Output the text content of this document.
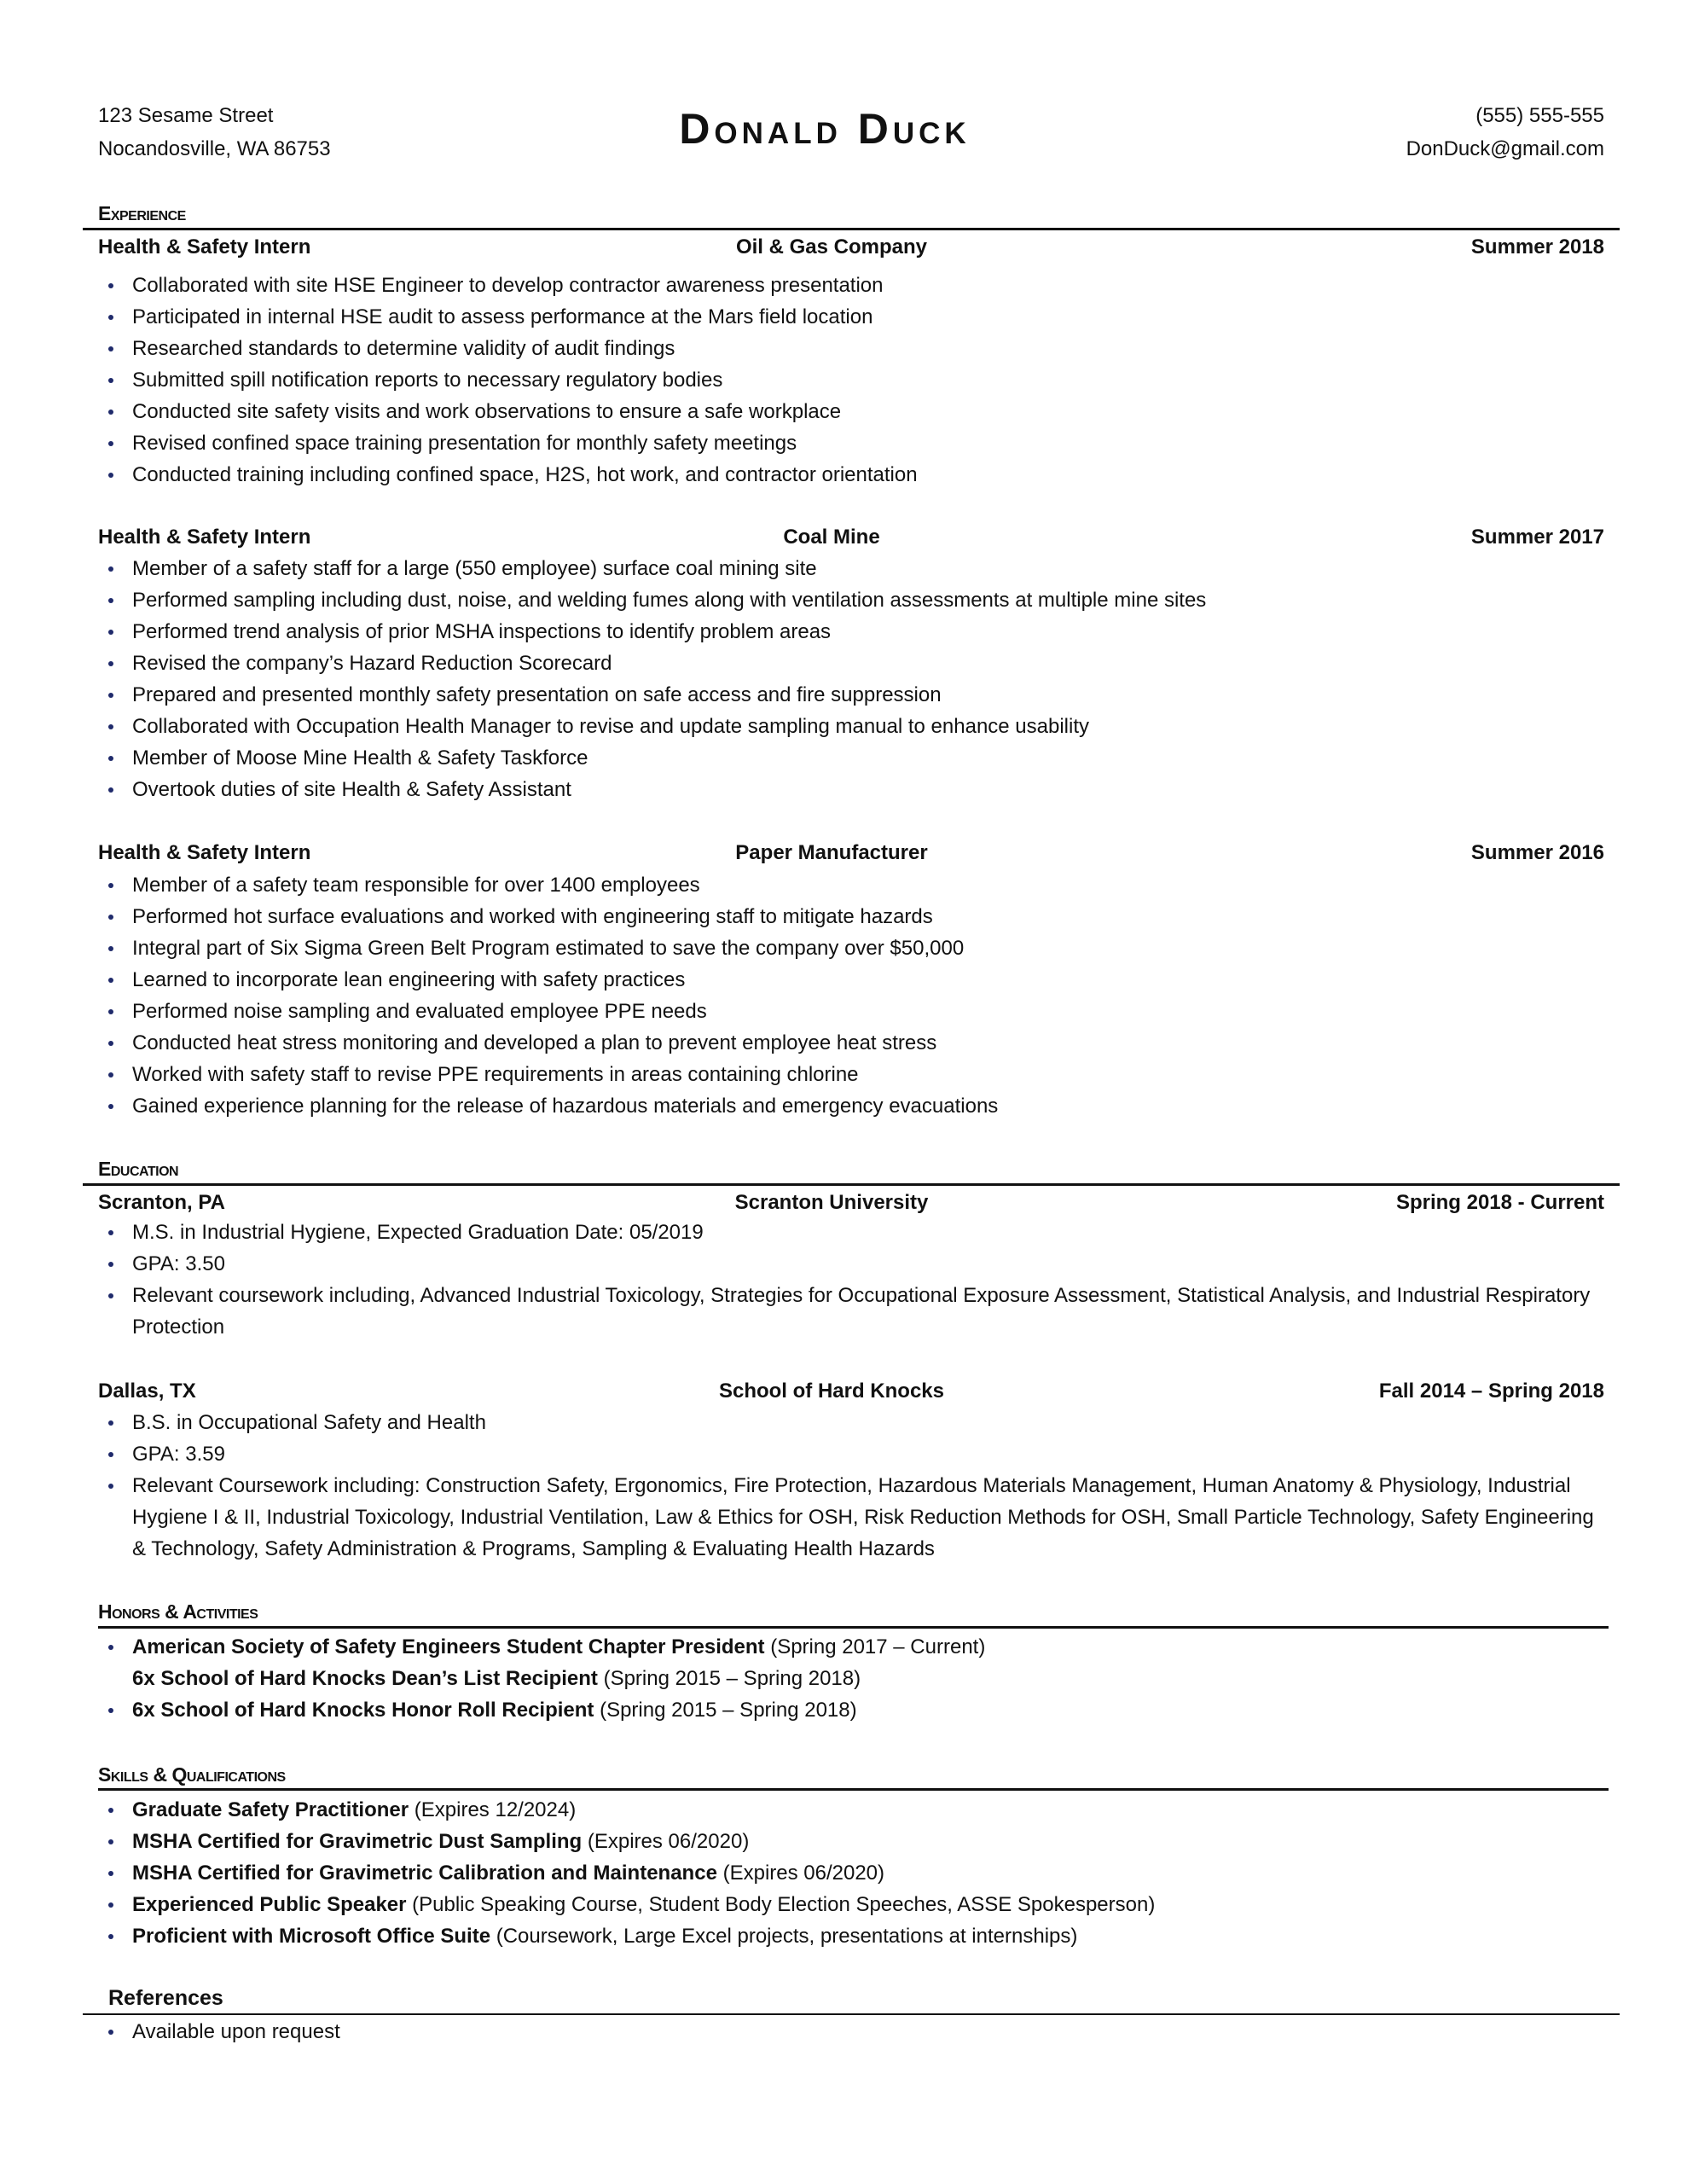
123 Sesame Street
Nocandosville, WA 86753	Donald Duck	(555) 555-555
DonDuck@gmail.com
Experience
Health & Safety Intern	Oil & Gas Company	Summer 2018
Collaborated with site HSE Engineer to develop contractor awareness presentation
Participated in internal HSE audit to assess performance at the Mars field location
Researched standards to determine validity of audit findings
Submitted spill notification reports to necessary regulatory bodies
Conducted site safety visits and work observations to ensure a safe workplace
Revised confined space training presentation for monthly safety meetings
Conducted training including confined space, H2S, hot work, and contractor orientation
Health & Safety Intern	Coal Mine	Summer 2017
Member of a safety staff for a large (550 employee) surface coal mining site
Performed sampling including dust, noise, and welding fumes along with ventilation assessments at multiple mine sites
Performed trend analysis of prior MSHA inspections to identify problem areas
Revised the company’s Hazard Reduction Scorecard
Prepared and presented monthly safety presentation on safe access and fire suppression
Collaborated with Occupation Health Manager to revise and update sampling manual to enhance usability
Member of Moose Mine Health & Safety Taskforce
Overtook duties of site Health & Safety Assistant
Health & Safety Intern	Paper Manufacturer	Summer 2016
Member of a safety team responsible for over 1400 employees
Performed hot surface evaluations and worked with engineering staff to mitigate hazards
Integral part of Six Sigma Green Belt Program estimated to save the company over $50,000
Learned to incorporate lean engineering with safety practices
Performed noise sampling and evaluated employee PPE needs
Conducted heat stress monitoring and developed a plan to prevent employee heat stress
Worked with safety staff to revise PPE requirements in areas containing chlorine
Gained experience planning for the release of hazardous materials and emergency evacuations
Education
Scranton, PA	Scranton University	Spring 2018 - Current
M.S. in Industrial Hygiene, Expected Graduation Date: 05/2019
GPA: 3.50
Relevant coursework including, Advanced Industrial Toxicology, Strategies for Occupational Exposure Assessment, Statistical Analysis, and Industrial Respiratory Protection
Dallas, TX	School of Hard Knocks	Fall 2014 – Spring 2018
B.S. in Occupational Safety and Health
GPA: 3.59
Relevant Coursework including: Construction Safety, Ergonomics, Fire Protection, Hazardous Materials Management, Human Anatomy & Physiology, Industrial Hygiene I & II, Industrial Toxicology, Industrial Ventilation, Law & Ethics for OSH, Risk Reduction Methods for OSH, Small Particle Technology, Safety Engineering & Technology, Safety Administration & Programs, Sampling & Evaluating Health Hazards
Honors & Activities
American Society of Safety Engineers Student Chapter President (Spring 2017 – Current)
6x School of Hard Knocks Dean’s List Recipient (Spring 2015 – Spring 2018)
6x School of Hard Knocks Honor Roll Recipient (Spring 2015 – Spring 2018)
Skills & Qualifications
Graduate Safety Practitioner (Expires 12/2024)
MSHA Certified for Gravimetric Dust Sampling (Expires 06/2020)
MSHA Certified for Gravimetric Calibration and Maintenance (Expires 06/2020)
Experienced Public Speaker (Public Speaking Course, Student Body Election Speeches, ASSE Spokesperson)
Proficient with Microsoft Office Suite (Coursework, Large Excel projects, presentations at internships)
References
Available upon request
